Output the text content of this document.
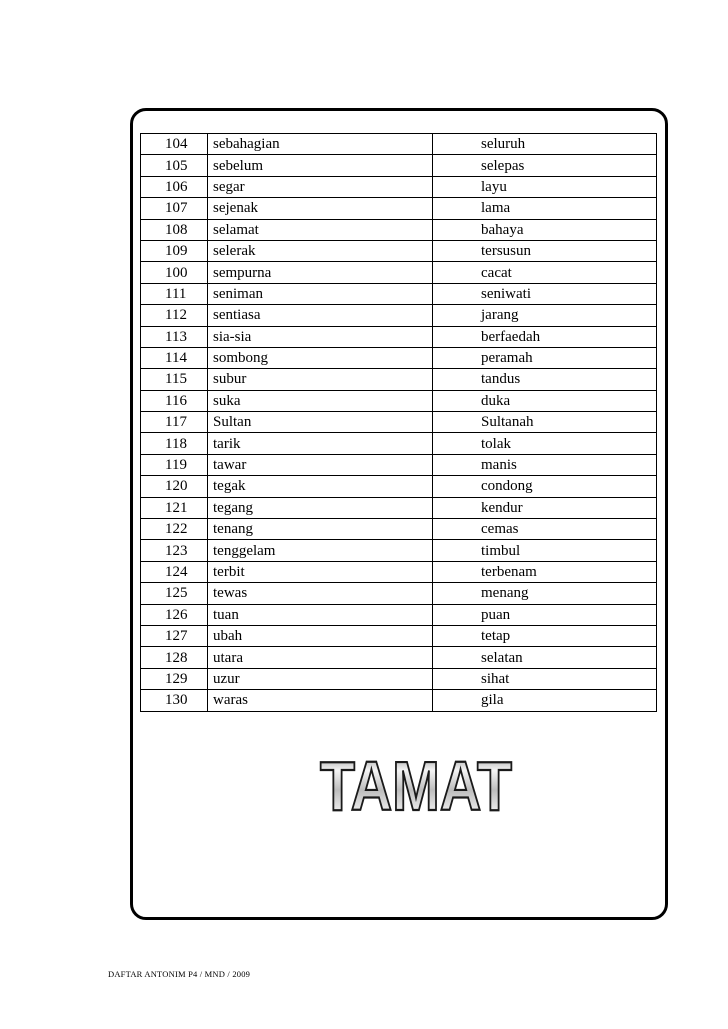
104	sebahagian	seluruh
105	sebelum	selepas
106	segar	layu
107	sejenak	lama
108	selamat	bahaya
109	selerak	tersusun
100	sempurna	cacat
111	seniman	seniwati
112	sentiasa	jarang
113	sia-sia	berfaedah
114	sombong	peramah
115	subur	tandus
116	suka	duka
117	Sultan	Sultanah
118	tarik	tolak
119	tawar	manis
120	tegak	condong
121	tegang	kendur
122	tenang	cemas
123	tenggelam	timbul
124	terbit	terbenam
125	tewas	menang
126	tuan	puan
127	ubah	tetap
128	utara	selatan
129	uzur	sihat
130	waras	gila
TAMAT
DAFTAR ANTONIM P4 / MND / 2009
